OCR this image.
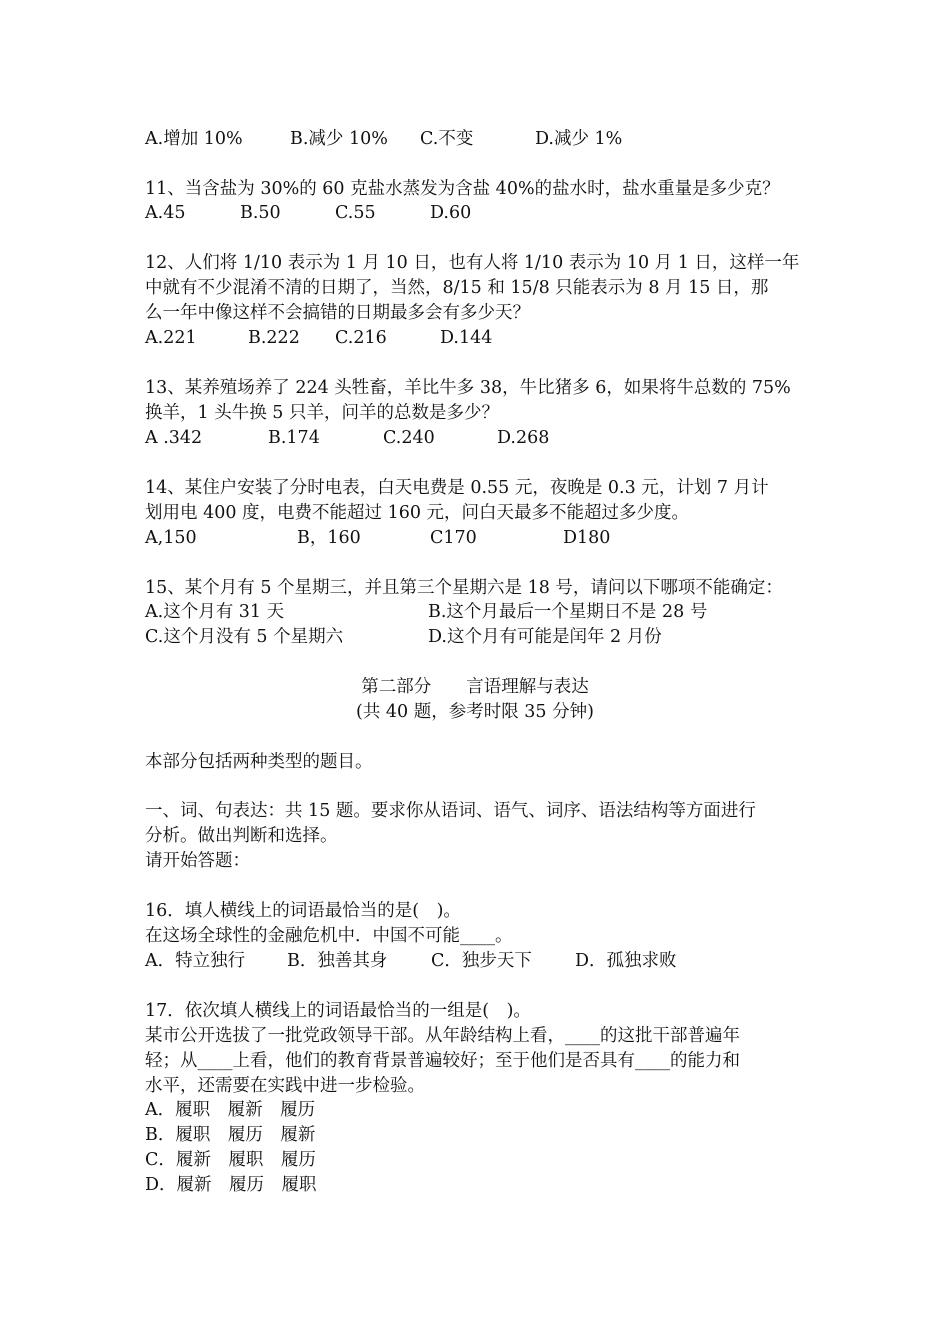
A.增加 10%	B.减少 10% C.不变	D.减少 1%
11、当含盐为 30%的 60 克盐水蒸发为含盐 40%的盐水时，盐水重量是多少克？
A.45	B.50	C.55	D.60
12、人们将 1/10 表示为 1 月 10 日，也有人将 1/10 表示为 10 月 1 日，这样一年
中就有不少混淆不清的日期了，当然，8/15 和 15/8 只能表示为 8 月 15 日，那
么一年中像这样不会搞错的日期最多会有多少天？
A.221	B.222 C.216	D.144
13、某养殖场养了 224 头牲畜，羊比牛多 38，牛比猪多 6，如果将牛总数的 75%
换羊，1 头牛换 5 只羊，问羊的总数是多少？
A .342	B.174	C.240	D.268
14、某住户安装了分时电表，白天电费是 0.55 元，夜晚是 0.3 元，计划 7 月计
划用电 400 度，电费不能超过 160 元，问白天最多不能超过多少度。
A,150	B，160	C170	D180
15、某个月有 5 个星期三，并且第三个星期六是 18 号，请问以下哪项不能确定：
A.这个月有 31 天	B.这个月最后一个星期日不是 28 号
C.这个月没有 5 个星期六	D.这个月有可能是闰年 2 月份
第二部分　　言语理解与表达
(共 40 题，参考时限 35 分钟)
本部分包括两种类型的题目。
一、词、句表达：共 15 题。要求你从语词、语气、词序、语法结构等方面进行
分析。做出判断和选择。
请开始答题：
16．填人横线上的词语最恰当的是(　)。
在这场全球性的金融危机中．中国不可能____。
A．特立独行 B．独善其身 C．独步天下 D．孤独求败
17．依次填人横线上的词语最恰当的一组是(　)。
某市公开选拔了一批党政领导干部。从年龄结构上看，____的这批干部普遍年
轻；从____上看，他们的教育背景普遍较好；至于他们是否具有____的能力和
水平，还需要在实践中进一步检验。
A．履职　履新　履历
B．履职　履历　履新
C．履新　履职　履历
D．履新　履历　履职
